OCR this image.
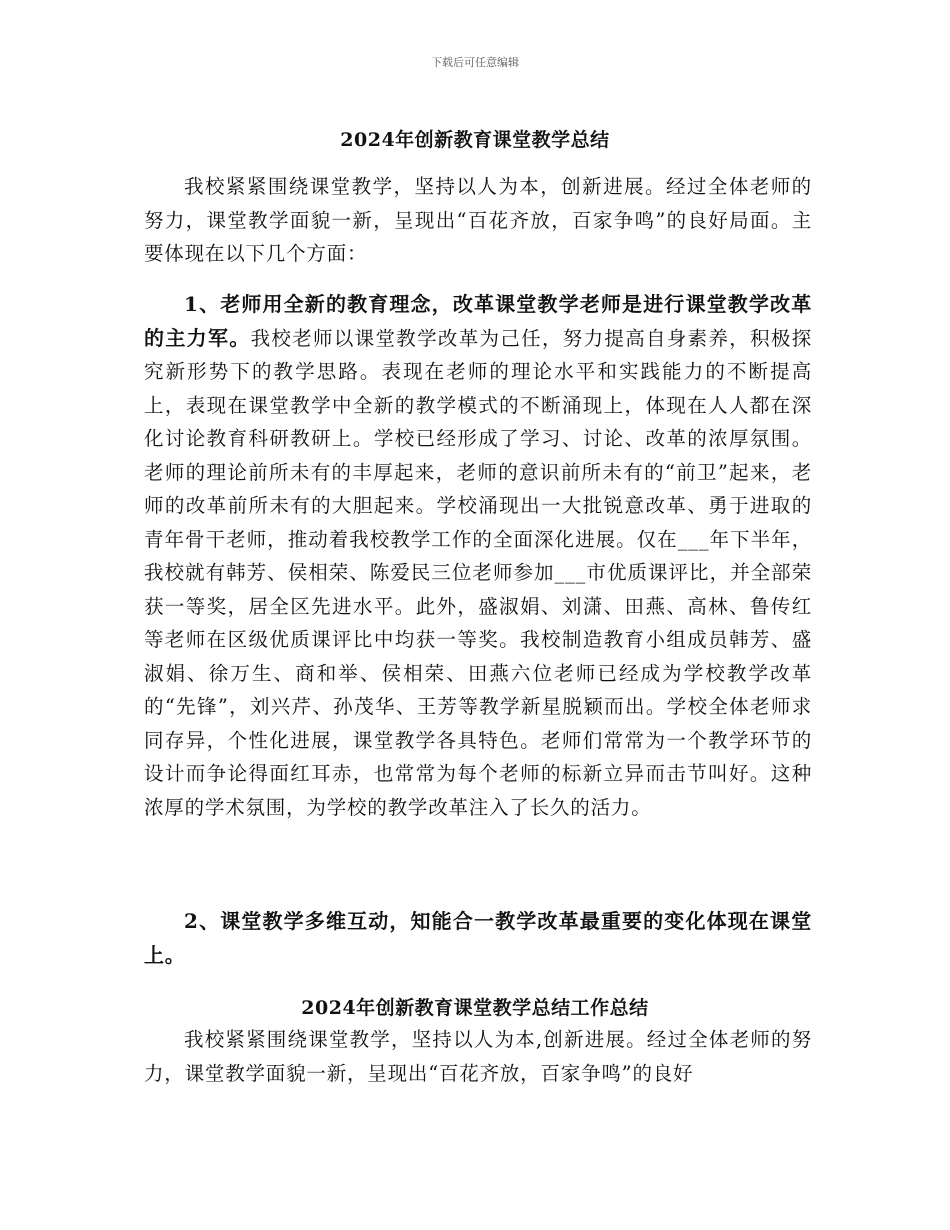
下载后可任意编辑
2024年创新教育课堂教学总结
我校紧紧围绕课堂教学，坚持以人为本，创新进展。经过全体老师的努力，课堂教学面貌一新，呈现出“百花齐放，百家争鸣”的良好局面。主要体现在以下几个方面：
1、老师用全新的教育理念，改革课堂教学老师是进行课堂教学改革的主力军。我校老师以课堂教学改革为己任，努力提高自身素养，积极探究新形势下的教学思路。表现在老师的理论水平和实践能力的不断提高上，表现在课堂教学中全新的教学模式的不断涌现上，体现在人人都在深化讨论教育科研教研上。学校已经形成了学习、讨论、改革的浓厚氛围。老师的理论前所未有的丰厚起来，老师的意识前所未有的“前卫”起来，老师的改革前所未有的大胆起来。学校涌现出一大批锐意改革、勇于进取的青年骨干老师，推动着我校教学工作的全面深化进展。仅在___年下半年，我校就有韩芳、侯相荣、陈爱民三位老师参加___市优质课评比，并全部荣获一等奖，居全区先进水平。此外，盛淑娟、刘潇、田燕、高林、鲁传红等老师在区级优质课评比中均获一等奖。我校制造教育小组成员韩芳、盛淑娟、徐万生、商和举、侯相荣、田燕六位老师已经成为学校教学改革的“先锋”，刘兴芹、孙茂华、王芳等教学新星脱颖而出。学校全体老师求同存异，个性化进展，课堂教学各具特色。老师们常常为一个教学环节的设计而争论得面红耳赤，也常常为每个老师的标新立异而击节叫好。这种浓厚的学术氛围，为学校的教学改革注入了长久的活力。
2、课堂教学多维互动，知能合一教学改革最重要的变化体现在课堂上。
2024年创新教育课堂教学总结工作总结
我校紧紧围绕课堂教学，坚持以人为本,创新进展。经过全体老师的努力，课堂教学面貌一新，呈现出“百花齐放，百家争鸣”的良好
